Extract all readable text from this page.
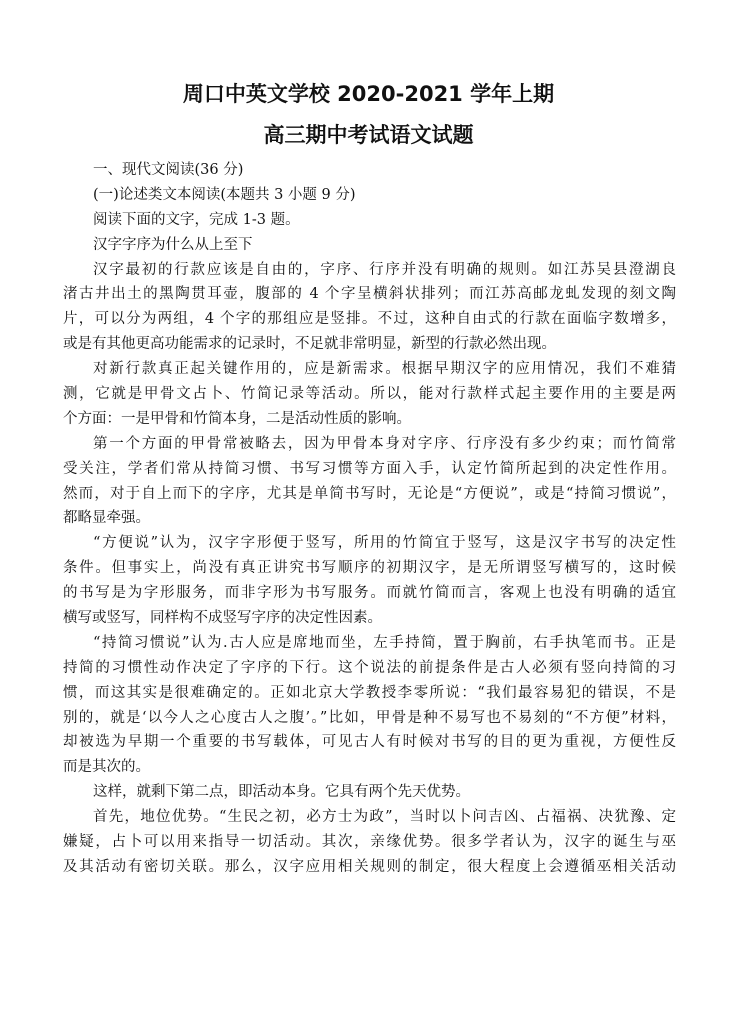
周口中英文学校 2020-2021 学年上期
高三期中考试语文试题
一、现代文阅读(36 分)
(一)论述类文本阅读(本题共 3 小题 9 分)
阅读下面的文字，完成 1-3 题。
汉字字序为什么从上至下
汉字最初的行款应该是自由的，字序、行序并没有明确的规则。如江苏吴县澄湖良
渚古井出土的黑陶贯耳壶，腹部的 4 个字呈横斜状排列；而江苏高邮龙虬发现的刻文陶
片，可以分为两组，4 个字的那组应是竖排。不过，这种自由式的行款在面临字数增多，
或是有其他更高功能需求的记录时，不足就非常明显，新型的行款必然出现。
对新行款真正起关键作用的，应是新需求。根据早期汉字的应用情况，我们不难猜
测，它就是甲骨文占卜、竹简记录等活动。所以，能对行款样式起主要作用的主要是两
个方面：一是甲骨和竹简本身，二是活动性质的影响。
第一个方面的甲骨常被略去，因为甲骨本身对字序、行序没有多少约束；而竹简常
受关注，学者们常从持简习惯、书写习惯等方面入手，认定竹简所起到的决定性作用。
然而，对于自上而下的字序，尤其是单简书写时，无论是“方便说”，或是“持简习惯说”，
都略显牵强。
“方便说”认为，汉字字形便于竖写，所用的竹简宜于竖写，这是汉字书写的决定性
条件。但事实上，尚没有真正讲究书写顺序的初期汉字，是无所谓竖写横写的，这时候
的书写是为字形服务，而非字形为书写服务。而就竹简而言，客观上也没有明确的适宜
横写或竖写，同样构不成竖写字序的决定性因素。
“持简习惯说”认为.古人应是席地而坐，左手持简，置于胸前，右手执笔而书。正是
持简的习惯性动作决定了字序的下行。这个说法的前提条件是古人必须有竖向持简的习
惯，而这其实是很难确定的。正如北京大学教授李零所说：“我们最容易犯的错误，不是
别的，就是‘以今人之心度古人之腹’。”比如，甲骨是种不易写也不易刻的“不方便”材料，
却被选为早期一个重要的书写载体，可见古人有时候对书写的目的更为重视，方便性反
而是其次的。
这样，就剩下第二点，即活动本身。它具有两个先天优势。
首先，地位优势。“生民之初，必方士为政”，当时以卜问吉凶、占福祸、决犹豫、定
嫌疑，占卜可以用来指导一切活动。其次，亲缘优势。很多学者认为，汉字的诞生与巫
及其活动有密切关联。那么，汉字应用相关规则的制定，很大程度上会遵循巫相关活动
